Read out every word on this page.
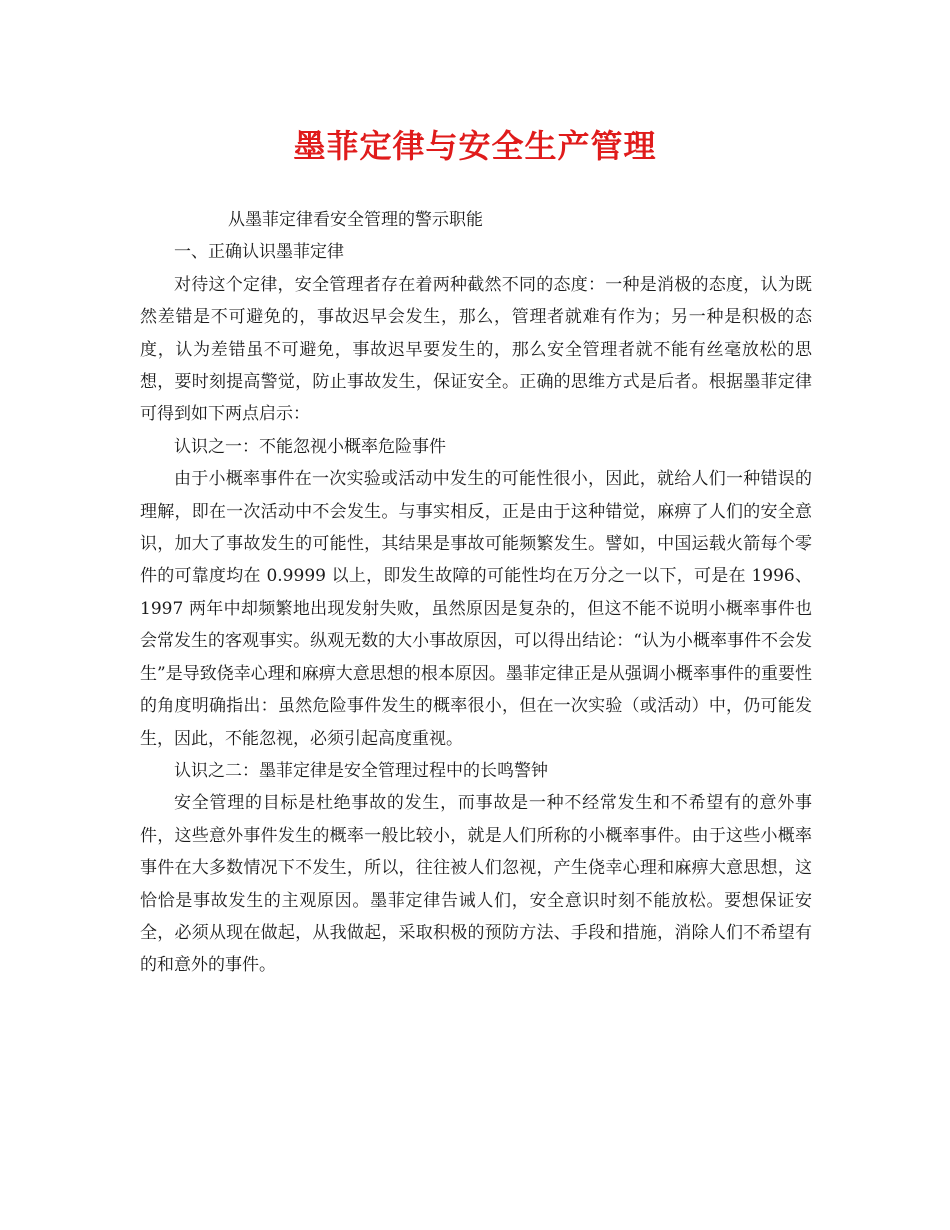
墨菲定律与安全生产管理

从墨菲定律看安全管理的警示职能

一、正确认识墨菲定律

对待这个定律，安全管理者存在着两种截然不同的态度：一种是消极的态度，认为既然差错是不可避免的，事故迟早会发生，那么，管理者就难有作为；另一种是积极的态度，认为差错虽不可避免，事故迟早要发生的，那么安全管理者就不能有丝毫放松的思想，要时刻提高警觉，防止事故发生，保证安全。正确的思维方式是后者。根据墨菲定律可得到如下两点启示：

认识之一：不能忽视小概率危险事件

由于小概率事件在一次实验或活动中发生的可能性很小，因此，就给人们一种错误的理解，即在一次活动中不会发生。与事实相反，正是由于这种错觉，麻痹了人们的安全意识，加大了事故发生的可能性，其结果是事故可能频繁发生。譬如，中国运载火箭每个零件的可靠度均在 0.9999 以上，即发生故障的可能性均在万分之一以下，可是在 1996、1997 两年中却频繁地出现发射失败，虽然原因是复杂的，但这不能不说明小概率事件也会常发生的客观事实。纵观无数的大小事故原因，可以得出结论：“认为小概率事件不会发生”是导致侥幸心理和麻痹大意思想的根本原因。墨菲定律正是从强调小概率事件的重要性的角度明确指出：虽然危险事件发生的概率很小，但在一次实验（或活动）中，仍可能发生，因此，不能忽视，必须引起高度重视。

认识之二：墨菲定律是安全管理过程中的长鸣警钟

安全管理的目标是杜绝事故的发生，而事故是一种不经常发生和不希望有的意外事件，这些意外事件发生的概率一般比较小，就是人们所称的小概率事件。由于这些小概率事件在大多数情况下不发生，所以，往往被人们忽视，产生侥幸心理和麻痹大意思想，这恰恰是事故发生的主观原因。墨菲定律告诫人们，安全意识时刻不能放松。要想保证安全，必须从现在做起，从我做起，采取积极的预防方法、手段和措施，消除人们不希望有的和意外的事件。
